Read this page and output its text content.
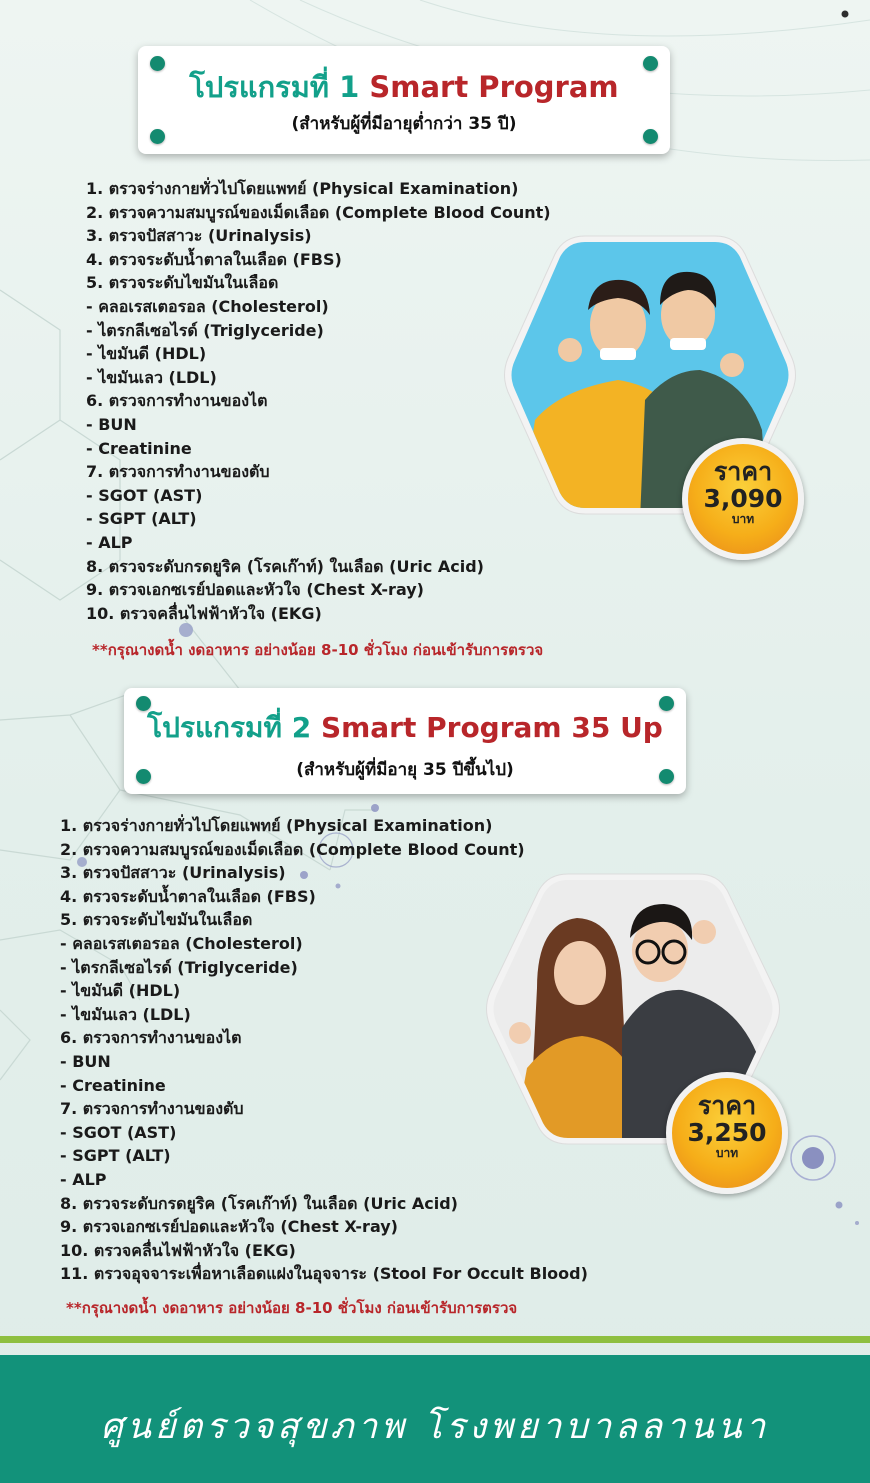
โปรแกรมที่ 1 Smart Program
(สำหรับผู้ที่มีอายุต่ำกว่า 35 ปี)
1. ตรวจร่างกายทั่วไปโดยแพทย์ (Physical Examination)
2. ตรวจความสมบูรณ์ของเม็ดเลือด (Complete Blood Count)
3. ตรวจปัสสาวะ (Urinalysis)
4. ตรวจระดับน้ำตาลในเลือด (FBS)
5. ตรวจระดับไขมันในเลือด
- คลอเรสเตอรอล (Cholesterol)
- ไตรกลีเซอไรด์ (Triglyceride)
- ไขมันดี (HDL)
- ไขมันเลว (LDL)
6. ตรวจการทำงานของไต
- BUN
- Creatinine
7. ตรวจการทำงานของตับ
- SGOT (AST)
- SGPT (ALT)
- ALP
8. ตรวจระดับกรดยูริค (โรคเก๊าท์) ในเลือด (Uric Acid)
9. ตรวจเอกซเรย์ปอดและหัวใจ (Chest X-ray)
10. ตรวจคลื่นไฟฟ้าหัวใจ (EKG)
**กรุณางดน้ำ งดอาหาร อย่างน้อย 8-10 ชั่วโมง ก่อนเข้ารับการตรวจ
ราคา
3,090
บาท
โปรแกรมที่ 2 Smart Program 35 Up
(สำหรับผู้ที่มีอายุ 35 ปีขึ้นไป)
1. ตรวจร่างกายทั่วไปโดยแพทย์ (Physical Examination)
2. ตรวจความสมบูรณ์ของเม็ดเลือด (Complete Blood Count)
3. ตรวจปัสสาวะ (Urinalysis)
4. ตรวจระดับน้ำตาลในเลือด (FBS)
5. ตรวจระดับไขมันในเลือด
- คลอเรสเตอรอล (Cholesterol)
- ไตรกลีเซอไรด์ (Triglyceride)
- ไขมันดี (HDL)
- ไขมันเลว (LDL)
6. ตรวจการทำงานของไต
- BUN
- Creatinine
7. ตรวจการทำงานของตับ
- SGOT (AST)
- SGPT (ALT)
- ALP
8. ตรวจระดับกรดยูริค (โรคเก๊าท์) ในเลือด (Uric Acid)
9. ตรวจเอกซเรย์ปอดและหัวใจ (Chest X-ray)
10. ตรวจคลื่นไฟฟ้าหัวใจ (EKG)
11. ตรวจอุจจาระเพื่อหาเลือดแฝงในอุจจาระ (Stool For Occult Blood)
**กรุณางดน้ำ งดอาหาร อย่างน้อย 8-10 ชั่วโมง ก่อนเข้ารับการตรวจ
ราคา
3,250
บาท
ศูนย์ตรวจสุขภาพ โรงพยาบาลลานนา
